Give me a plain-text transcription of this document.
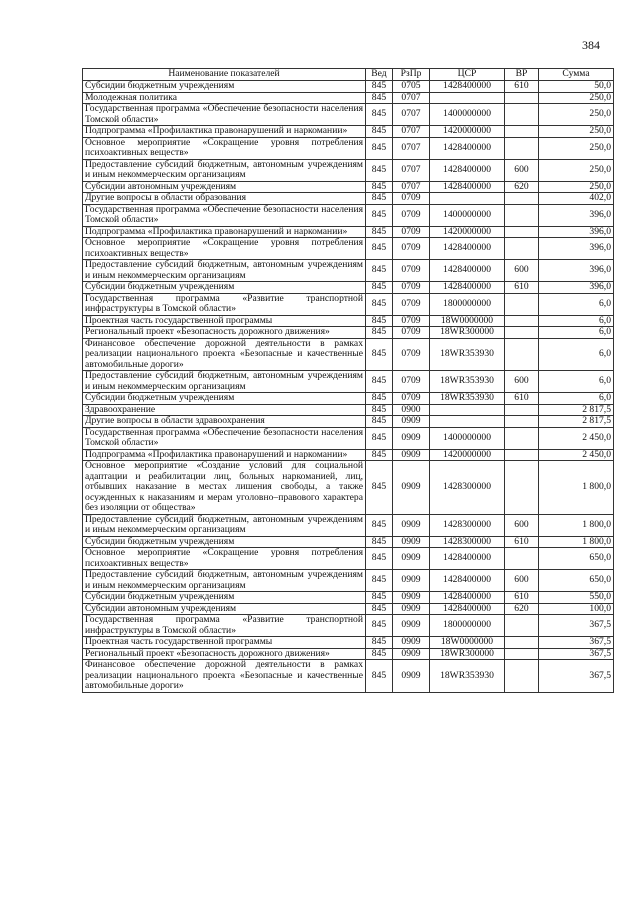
384
Наименование показателей	Вед	РзПр	ЦСР	ВР	Сумма
Субсидии бюджетным учреждениям	845	0705	1428400000	610	50,0
Молодежная политика	845	0707			250,0
Государственная программа «Обеспечение безопасности населения Томской области»	845	0707	1400000000		250,0
Подпрограмма «Профилактика правонарушений и наркомании»	845	0707	1420000000		250,0
Основное мероприятие «Сокращение уровня потребления психоактивных веществ»	845	0707	1428400000		250,0
Предоставление субсидий бюджетным, автономным учреждениям и иным некоммерческим организациям	845	0707	1428400000	600	250,0
Субсидии автономным учреждениям	845	0707	1428400000	620	250,0
Другие вопросы в области образования	845	0709			402,0
Государственная программа «Обеспечение безопасности населения Томской области»	845	0709	1400000000		396,0
Подпрограмма «Профилактика правонарушений и наркомании»	845	0709	1420000000		396,0
Основное мероприятие «Сокращение уровня потребления психоактивных веществ»	845	0709	1428400000		396,0
Предоставление субсидий бюджетным, автономным учреждениям и иным некоммерческим организациям	845	0709	1428400000	600	396,0
Субсидии бюджетным учреждениям	845	0709	1428400000	610	396,0
Государственная программа «Развитие транспортной инфраструктуры в Томской области»	845	0709	1800000000		6,0
Проектная часть государственной программы	845	0709	18W0000000		6,0
Региональный проект «Безопасность дорожного движения»	845	0709	18WR300000		6,0
Финансовое обеспечение дорожной деятельности в рамках реализации национального проекта «Безопасные и качественные автомобильные дороги»	845	0709	18WR353930		6,0
Предоставление субсидий бюджетным, автономным учреждениям и иным некоммерческим организациям	845	0709	18WR353930	600	6,0
Субсидии бюджетным учреждениям	845	0709	18WR353930	610	6,0
Здравоохранение	845	0900			2 817,5
Другие вопросы в области здравоохранения	845	0909			2 817,5
Государственная программа «Обеспечение безопасности населения Томской области»	845	0909	1400000000		2 450,0
Подпрограмма «Профилактика правонарушений и наркомании»	845	0909	1420000000		2 450,0
Основное мероприятие «Создание условий для социальной адаптации и реабилитации лиц, больных наркоманией, лиц, отбывших наказание в местах лишения свободы, а также осужденных к наказаниям и мерам уголовно–правового характера без изоляции от общества»	845	0909	1428300000		1 800,0
Предоставление субсидий бюджетным, автономным учреждениям и иным некоммерческим организациям	845	0909	1428300000	600	1 800,0
Субсидии бюджетным учреждениям	845	0909	1428300000	610	1 800,0
Основное мероприятие «Сокращение уровня потребления психоактивных веществ»	845	0909	1428400000		650,0
Предоставление субсидий бюджетным, автономным учреждениям и иным некоммерческим организациям	845	0909	1428400000	600	650,0
Субсидии бюджетным учреждениям	845	0909	1428400000	610	550,0
Субсидии автономным учреждениям	845	0909	1428400000	620	100,0
Государственная программа «Развитие транспортной инфраструктуры в Томской области»	845	0909	1800000000		367,5
Проектная часть государственной программы	845	0909	18W0000000		367,5
Региональный проект «Безопасность дорожного движения»	845	0909	18WR300000		367,5
Финансовое обеспечение дорожной деятельности в рамках реализации национального проекта «Безопасные и качественные автомобильные дороги»	845	0909	18WR353930		367,5
